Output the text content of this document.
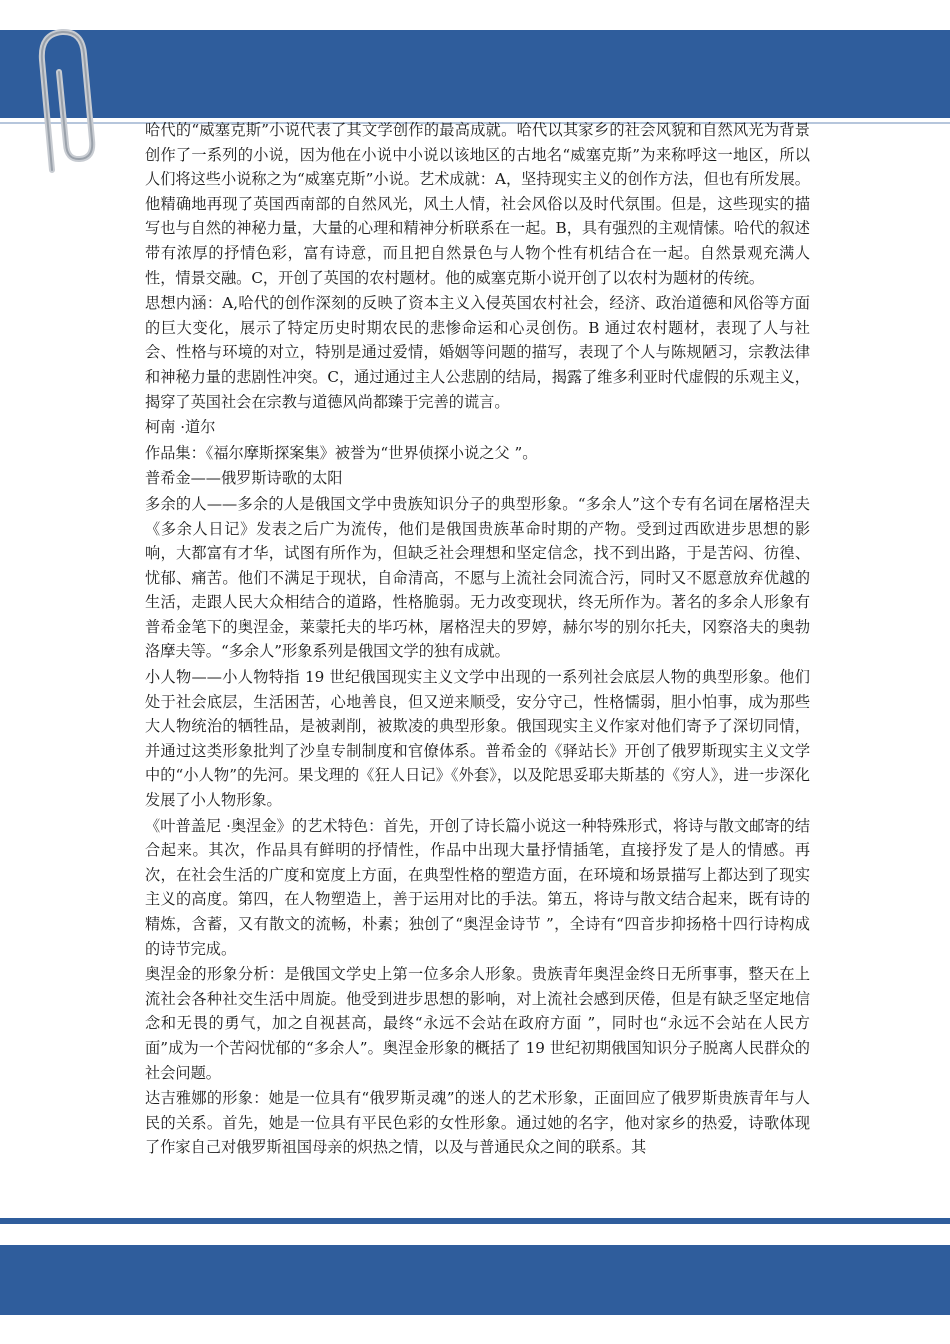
哈代的“威塞克斯”小说代表了其文学创作的最高成就。哈代以其家乡的社会风貌和自然风光为背景创作了一系列的小说，因为他在小说中小说以该地区的古地名“威塞克斯”为来称呼这一地区，所以人们将这些小说称之为“威塞克斯”小说。艺术成就：A，坚持现实主义的创作方法，但也有所发展。他精确地再现了英国西南部的自然风光，风土人情，社会风俗以及时代氛围。但是，这些现实的描写也与自然的神秘力量，大量的心理和精神分析联系在一起。B，具有强烈的主观情愫。哈代的叙述带有浓厚的抒情色彩，富有诗意，而且把自然景色与人物个性有机结合在一起。自然景观充满人性，情景交融。C，开创了英国的农村题材。他的威塞克斯小说开创了以农村为题材的传统。

思想内涵：A,哈代的创作深刻的反映了资本主义入侵英国农村社会，经济、政治道德和风俗等方面的巨大变化，展示了特定历史时期农民的悲惨命运和心灵创伤。B 通过农村题材，表现了人与社会、性格与环境的对立，特别是通过爱情，婚姻等问题的描写，表现了个人与陈规陋习，宗教法律和神秘力量的悲剧性冲突。C，通过通过主人公悲剧的结局，揭露了维多利亚时代虚假的乐观主义，揭穿了英国社会在宗教与道德风尚都臻于完善的谎言。

柯南 ·道尔

作品集：《福尔摩斯探案集》被誉为“世界侦探小说之父 ”。

普希金——俄罗斯诗歌的太阳

多余的人——多余的人是俄国文学中贵族知识分子的典型形象。“多余人”这个专有名词在屠格涅夫《多余人日记》发表之后广为流传，他们是俄国贵族革命时期的产物。受到过西欧进步思想的影响，大都富有才华，试图有所作为，但缺乏社会理想和坚定信念，找不到出路，于是苦闷、彷徨、忧郁、痛苦。他们不满足于现状，自命清高，不愿与上流社会同流合污，同时又不愿意放弃优越的生活，走跟人民大众相结合的道路，性格脆弱。无力改变现状，终无所作为。著名的多余人形象有普希金笔下的奥涅金，莱蒙托夫的毕巧林，屠格涅夫的罗婷，赫尔岑的别尔托夫，冈察洛夫的奥勃洛摩夫等。“多余人”形象系列是俄国文学的独有成就。

小人物——小人物特指 19 世纪俄国现实主义文学中出现的一系列社会底层人物的典型形象。他们处于社会底层，生活困苦，心地善良，但又逆来顺受，安分守己，性格懦弱，胆小怕事，成为那些大人物统治的牺牲品，是被剥削，被欺凌的典型形象。俄国现实主义作家对他们寄予了深切同情，并通过这类形象批判了沙皇专制制度和官僚体系。普希金的《驿站长》开创了俄罗斯现实主义文学中的“小人物”的先河。果戈理的《狂人日记》《外套》，以及陀思妥耶夫斯基的《穷人》，进一步深化发展了小人物形象。

《叶普盖尼 ·奥涅金》的艺术特色：首先，开创了诗长篇小说这一种特殊形式，将诗与散文邮寄的结合起来。其次，作品具有鲜明的抒情性，作品中出现大量抒情插笔，直接抒发了是人的情感。再次，在社会生活的广度和宽度上方面，在典型性格的塑造方面，在环境和场景描写上都达到了现实主义的高度。第四，在人物塑造上，善于运用对比的手法。第五，将诗与散文结合起来，既有诗的精炼，含蓄，又有散文的流畅，朴素；独创了“奥涅金诗节 ”，全诗有“四音步抑扬格十四行诗构成的诗节完成。

奥涅金的形象分析：是俄国文学史上第一位多余人形象。贵族青年奥涅金终日无所事事，整天在上流社会各种社交生活中周旋。他受到进步思想的影响，对上流社会感到厌倦，但是有缺乏坚定地信念和无畏的勇气，加之自视甚高，最终“永远不会站在政府方面 ”，同时也“永远不会站在人民方面”成为一个苦闷忧郁的“多余人”。奥涅金形象的概括了 19 世纪初期俄国知识分子脱离人民群众的社会问题。

达吉雅娜的形象：她是一位具有“俄罗斯灵魂”的迷人的艺术形象，正面回应了俄罗斯贵族青年与人民的关系。首先，她是一位具有平民色彩的女性形象。通过她的名字，他对家乡的热爱，诗歌体现了作家自己对俄罗斯祖国母亲的炽热之情，以及与普通民众之间的联系。其
